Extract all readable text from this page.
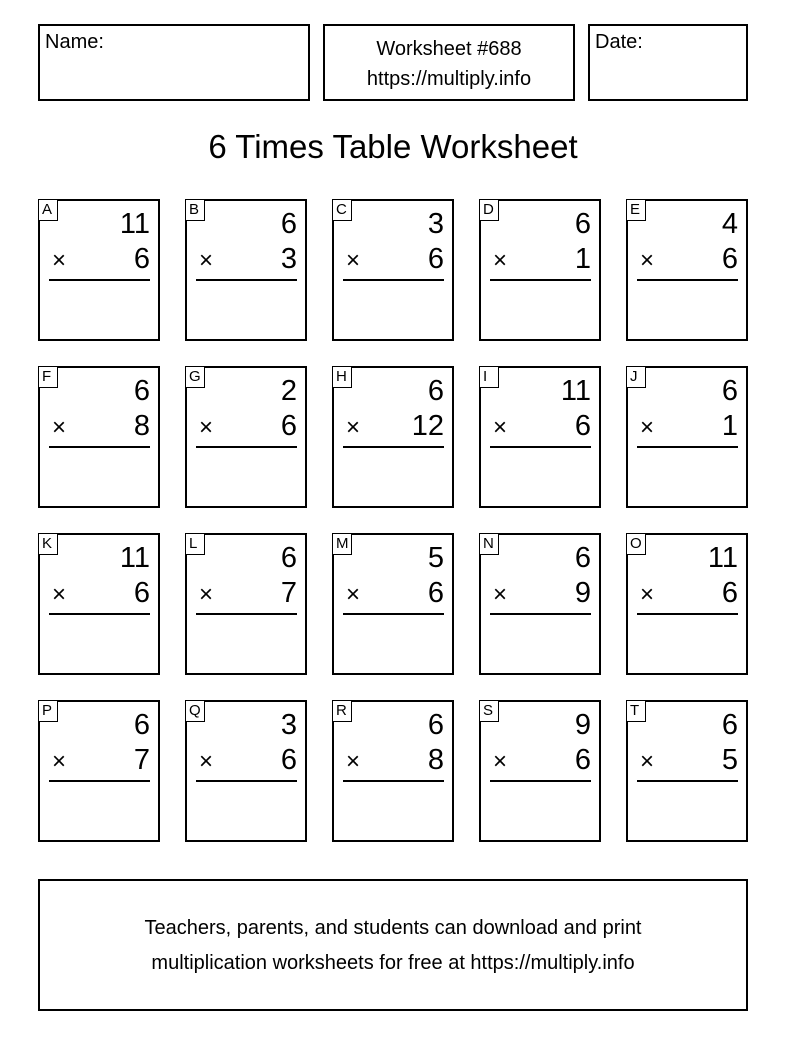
Name:	Worksheet #688
https://multiply.info
Date:
6 Times Table Worksheet
A 11
× 6
B	6
× 3
C	3
× 6
D	6
× 1
E	4
× 6
F	6
× 8
G	2
× 6
H	6
× 12
I	11
× 6
J	6
× 1
K 11
× 6
L	6
× 7
M	5
× 6
N	6
× 9
O 11
× 6
P	6
× 7
Q	3
× 6
R	6
× 8
S	9
× 6
T	6
× 5
Teachers, parents, and students can download and print
multiplication worksheets for free at https://multiply.info
